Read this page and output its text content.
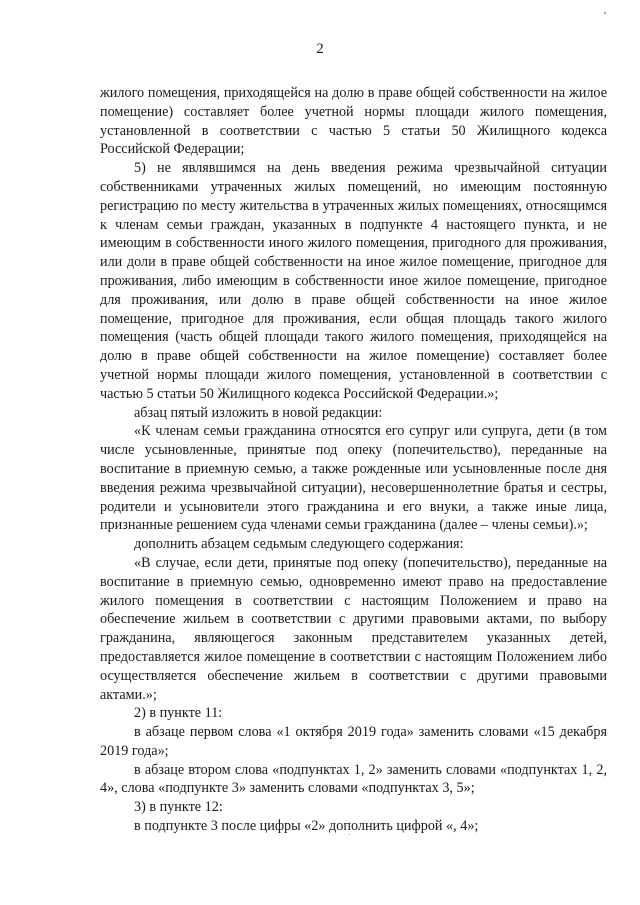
2

жилого помещения, приходящейся на долю в праве общей собственности на жилое помещение) составляет более учетной нормы площади жилого помещения, установленной в соответствии с частью 5 статьи 50 Жилищного кодекса Российской Федерации;

5) не являвшимся на день введения режима чрезвычайной ситуации собственниками утраченных жилых помещений, но имеющим постоянную регистрацию по месту жительства в утраченных жилых помещениях, относящимся к членам семьи граждан, указанных в подпункте 4 настоящего пункта, и не имеющим в собственности иного жилого помещения, пригодного для проживания, или доли в праве общей собственности на иное жилое помещение, пригодное для проживания, либо имеющим в собственности иное жилое помещение, пригодное для проживания, или долю в праве общей собственности на иное жилое помещение, пригодное для проживания, если общая площадь такого жилого помещения (часть общей площади такого жилого помещения, приходящейся на долю в праве общей собственности на жилое помещение) составляет более учетной нормы площади жилого помещения, установленной в соответствии с частью 5 статьи 50 Жилищного кодекса Российской Федерации.»;

абзац пятый изложить в новой редакции:

«К членам семьи гражданина относятся его супруг или супруга, дети (в том числе усыновленные, принятые под опеку (попечительство), переданные на воспитание в приемную семью, а также рожденные или усыновленные после дня введения режима чрезвычайной ситуации), несовершеннолетние братья и сестры, родители и усыновители этого гражданина и его внуки, а также иные лица, признанные решением суда членами семьи гражданина (далее – члены семьи).»;

дополнить абзацем седьмым следующего содержания:

«В случае, если дети, принятые под опеку (попечительство), переданные на воспитание в приемную семью, одновременно имеют право на предоставление жилого помещения в соответствии с настоящим Положением и право на обеспечение жильем в соответствии с другими правовыми актами, по выбору гражданина, являющегося законным представителем указанных детей, предоставляется жилое помещение в соответствии с настоящим Положением либо осуществляется обеспечение жильем в соответствии с другими правовыми актами.»;

2) в пункте 11:

в абзаце первом слова «1 октября 2019 года» заменить словами «15 декабря 2019 года»;

в абзаце втором слова «подпунктах 1, 2» заменить словами «подпунктах 1, 2, 4», слова «подпункте 3» заменить словами «подпунктах 3, 5»;

3) в пункте 12:

в подпункте 3 после цифры «2» дополнить цифрой «, 4»;
